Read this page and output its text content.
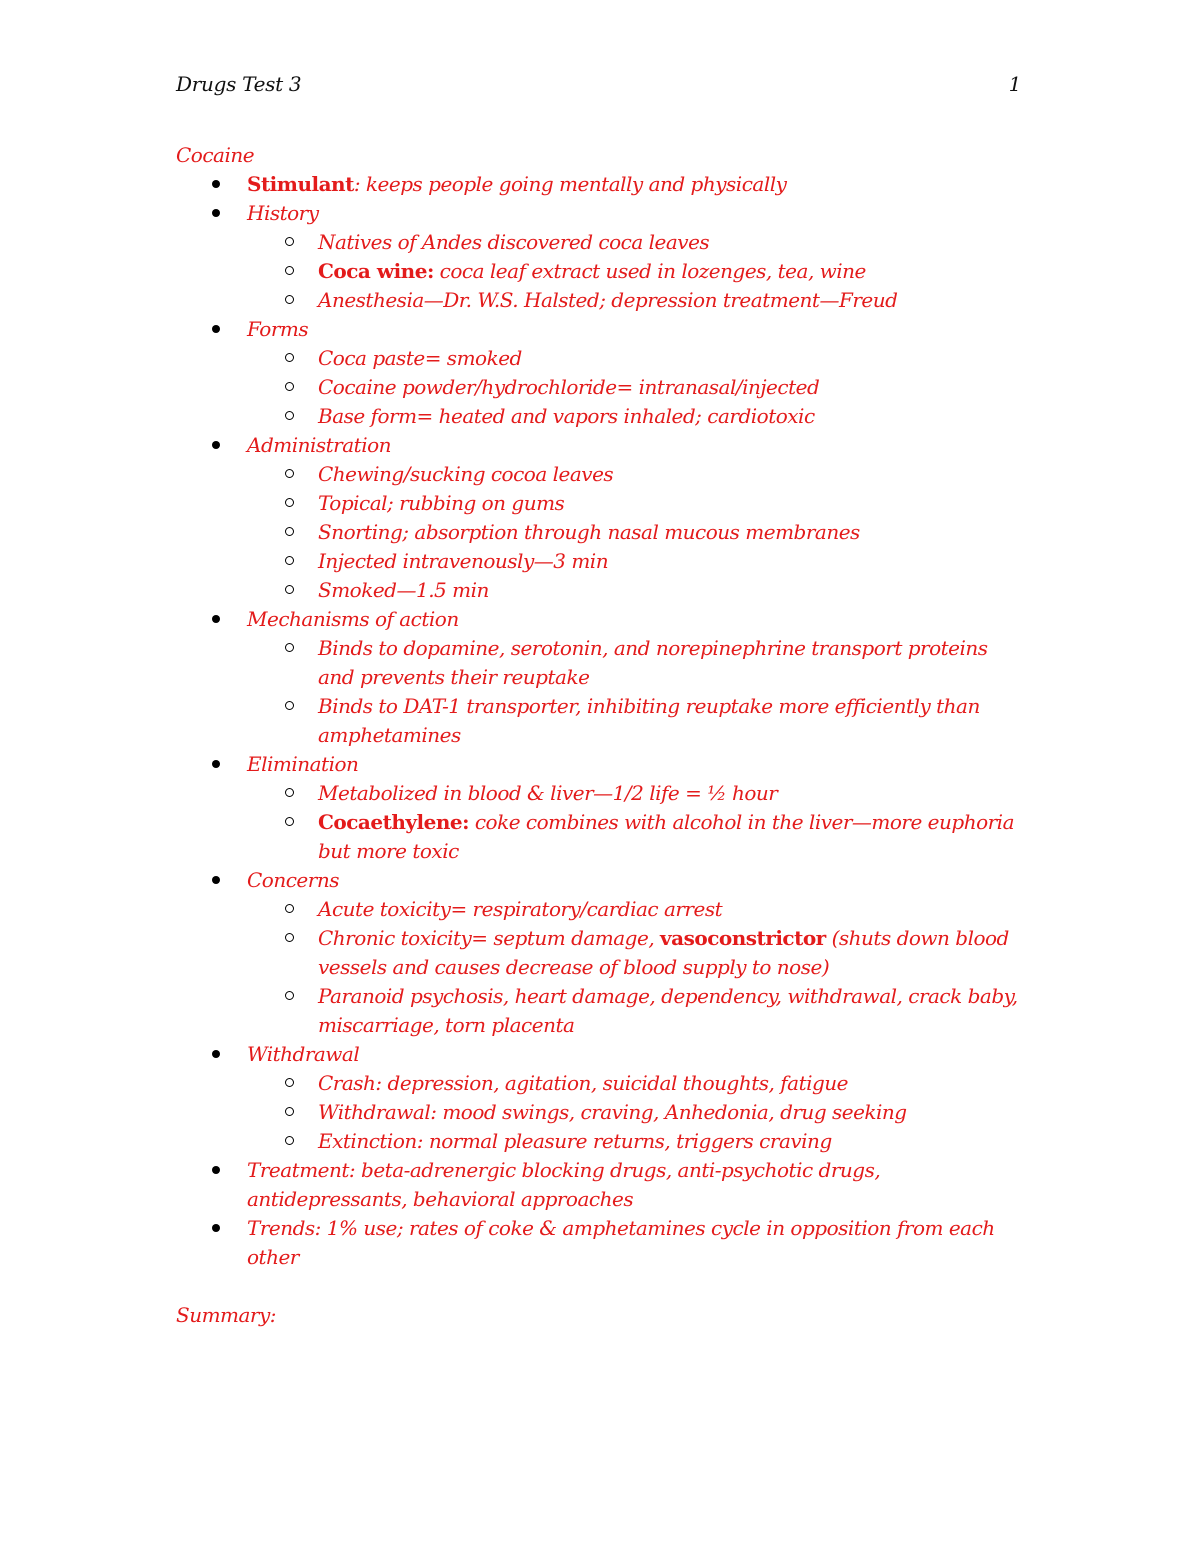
Drugs Test 3	1
Cocaine
Stimulant: keeps people going mentally and physically
History
Natives of Andes discovered coca leaves
Coca wine: coca leaf extract used in lozenges, tea, wine
Anesthesia—Dr. W.S. Halsted; depression treatment—Freud
Forms
Coca paste= smoked
Cocaine powder/hydrochloride= intranasal/injected
Base form= heated and vapors inhaled; cardiotoxic
Administration
Chewing/sucking cocoa leaves
Topical; rubbing on gums
Snorting; absorption through nasal mucous membranes
Injected intravenously—3 min
Smoked—1.5 min
Mechanisms of action
Binds to dopamine, serotonin, and norepinephrine transport proteins and prevents their reuptake
Binds to DAT-1 transporter, inhibiting reuptake more efficiently than amphetamines
Elimination
Metabolized in blood & liver—1/2 life = ½ hour
Cocaethylene: coke combines with alcohol in the liver—more euphoria but more toxic
Concerns
Acute toxicity= respiratory/cardiac arrest
Chronic toxicity= septum damage, vasoconstrictor (shuts down blood vessels and causes decrease of blood supply to nose)
Paranoid psychosis, heart damage, dependency, withdrawal, crack baby, miscarriage, torn placenta
Withdrawal
Crash: depression, agitation, suicidal thoughts, fatigue
Withdrawal: mood swings, craving, Anhedonia, drug seeking
Extinction: normal pleasure returns, triggers craving
Treatment: beta-adrenergic blocking drugs, anti-psychotic drugs, antidepressants, behavioral approaches
Trends: 1% use; rates of coke & amphetamines cycle in opposition from each other
Summary:
